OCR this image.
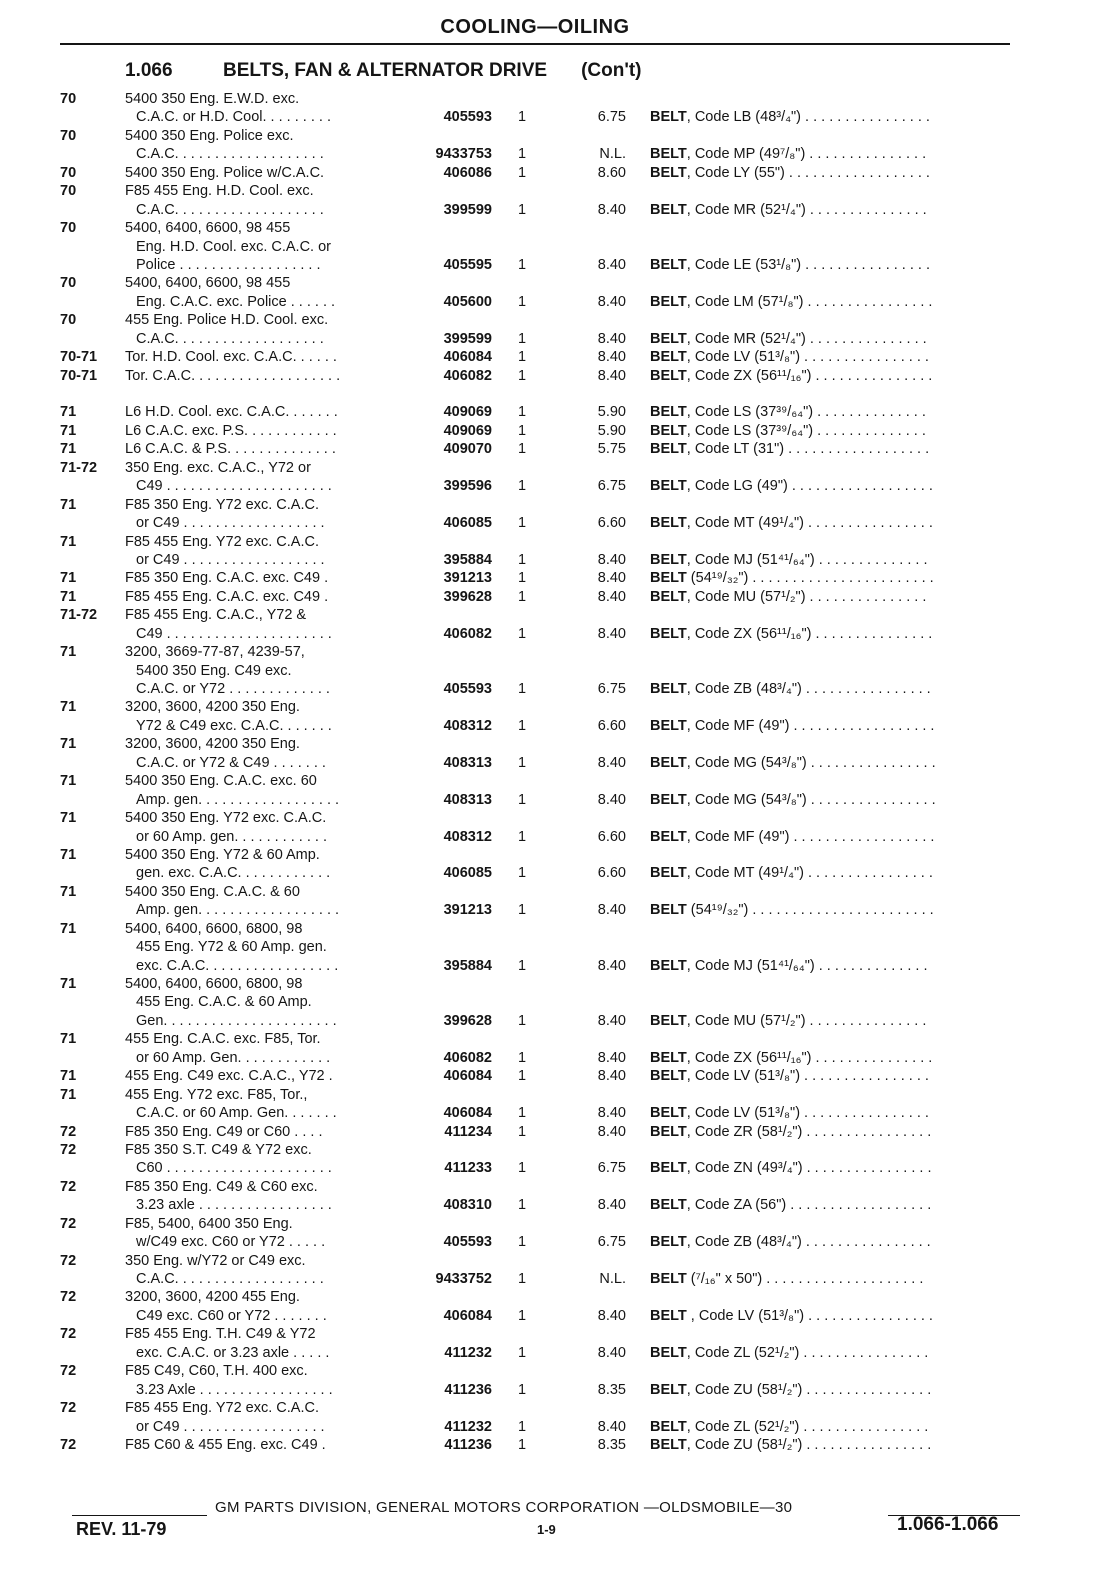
COOLING—OILING
1.066	BELTS, FAN & ALTERNATOR DRIVE (Con't)
70	5400 350 Eng. E.W.D. exc.
C.A.C. or H.D. Cool. . . . . . . . .	405593 1	6.75 BELT, Code LB (48³/₄") . . . . . . . . . . . . . . . .
70	5400 350 Eng. Police exc.
C.A.C. . . . . . . . . . . . . . . . . . .	9433753 1	N.L. BELT, Code MP (49⁷/₈") . . . . . . . . . . . . . . .
70	5400 350 Eng. Police w/C.A.C.	406086 1	8.60 BELT, Code LY (55") . . . . . . . . . . . . . . . . . .
70	F85 455 Eng. H.D. Cool. exc.
C.A.C. . . . . . . . . . . . . . . . . . .	399599 1	8.40 BELT, Code MR (52¹/₄") . . . . . . . . . . . . . . .
70	5400, 6400, 6600, 98 455
Eng. H.D. Cool. exc. C.A.C. or
Police . . . . . . . . . . . . . . . . . .	405595 1	8.40 BELT, Code LE (53¹/₈") . . . . . . . . . . . . . . . .
70	5400, 6400, 6600, 98 455
Eng. C.A.C. exc. Police . . . . . .	405600 1	8.40 BELT, Code LM (57¹/₈") . . . . . . . . . . . . . . . .
70	455 Eng. Police H.D. Cool. exc.
C.A.C. . . . . . . . . . . . . . . . . . .	399599 1	8.40 BELT, Code MR (52¹/₄") . . . . . . . . . . . . . . .
70-71	Tor. H.D. Cool. exc. C.A.C. . . . . .	406084 1	8.40 BELT, Code LV (51³/₈") . . . . . . . . . . . . . . . .
70-71	Tor. C.A.C. . . . . . . . . . . . . . . . . . .	406082 1	8.40 BELT, Code ZX (56¹¹/₁₆") . . . . . . . . . . . . . . .
71	L6 H.D. Cool. exc. C.A.C. . . . . . .	409069 1	5.90 BELT, Code LS (37³⁹/₆₄") . . . . . . . . . . . . . .
71	L6 C.A.C. exc. P.S. . . . . . . . . . . .	409069 1	5.90 BELT, Code LS (37³⁹/₆₄") . . . . . . . . . . . . . .
71	L6 C.A.C. & P.S. . . . . . . . . . . . . .	409070 1	5.75 BELT, Code LT (31") . . . . . . . . . . . . . . . . . .
71-72	350 Eng. exc. C.A.C., Y72 or
C49 . . . . . . . . . . . . . . . . . . . . .	399596 1	6.75 BELT, Code LG (49") . . . . . . . . . . . . . . . . . .
71	F85 350 Eng. Y72 exc. C.A.C.
or C49 . . . . . . . . . . . . . . . . . .	406085 1	6.60 BELT, Code MT (49¹/₄") . . . . . . . . . . . . . . . .
71	F85 455 Eng. Y72 exc. C.A.C.
or C49 . . . . . . . . . . . . . . . . . .	395884 1	8.40 BELT, Code MJ (51⁴¹/₆₄") . . . . . . . . . . . . . .
71	F85 350 Eng. C.A.C. exc. C49 .	391213 1	8.40 BELT (54¹⁹/₃₂") . . . . . . . . . . . . . . . . . . . . . . .
71	F85 455 Eng. C.A.C. exc. C49 .	399628 1	8.40 BELT, Code MU (57¹/₂") . . . . . . . . . . . . . . .
71-72	F85 455 Eng. C.A.C., Y72 &
C49 . . . . . . . . . . . . . . . . . . . . .	406082 1	8.40 BELT, Code ZX (56¹¹/₁₆") . . . . . . . . . . . . . . .
71	3200, 3669-77-87, 4239-57,
5400 350 Eng. C49 exc.
C.A.C. or Y72 . . . . . . . . . . . . .	405593 1	6.75 BELT, Code ZB (48³/₄") . . . . . . . . . . . . . . . .
71	3200, 3600, 4200 350 Eng.
Y72 & C49 exc. C.A.C. . . . . . .	408312 1	6.60 BELT, Code MF (49") . . . . . . . . . . . . . . . . . .
71	3200, 3600, 4200 350 Eng.
C.A.C. or Y72 & C49 . . . . . . .	408313 1	8.40 BELT, Code MG (54³/₈") . . . . . . . . . . . . . . . .
71	5400 350 Eng. C.A.C. exc. 60
Amp. gen. . . . . . . . . . . . . . . . . .	408313 1	8.40 BELT, Code MG (54³/₈") . . . . . . . . . . . . . . . .
71	5400 350 Eng. Y72 exc. C.A.C.
or 60 Amp. gen. . . . . . . . . . . .	408312 1	6.60 BELT, Code MF (49") . . . . . . . . . . . . . . . . . .
71	5400 350 Eng. Y72 & 60 Amp.
gen. exc. C.A.C. . . . . . . . . . . .	406085 1	6.60 BELT, Code MT (49¹/₄") . . . . . . . . . . . . . . . .
71	5400 350 Eng. C.A.C. & 60
Amp. gen. . . . . . . . . . . . . . . . . .	391213 1	8.40 BELT (54¹⁹/₃₂") . . . . . . . . . . . . . . . . . . . . . . .
71	5400, 6400, 6600, 6800, 98
455 Eng. Y72 & 60 Amp. gen.
exc. C.A.C. . . . . . . . . . . . . . . . .	395884 1	8.40 BELT, Code MJ (51⁴¹/₆₄") . . . . . . . . . . . . . .
71	5400, 6400, 6600, 6800, 98
455 Eng. C.A.C. & 60 Amp.
Gen. . . . . . . . . . . . . . . . . . . . . .	399628 1	8.40 BELT, Code MU (57¹/₂") . . . . . . . . . . . . . . .
71	455 Eng. C.A.C. exc. F85, Tor.
or 60 Amp. Gen. . . . . . . . . . . .	406082 1	8.40 BELT, Code ZX (56¹¹/₁₆") . . . . . . . . . . . . . . .
71	455 Eng. C49 exc. C.A.C., Y72 .	406084 1	8.40 BELT, Code LV (51³/₈") . . . . . . . . . . . . . . . .
71	455 Eng. Y72 exc. F85, Tor.,
C.A.C. or 60 Amp. Gen. . . . . . .	406084 1	8.40 BELT, Code LV (51³/₈") . . . . . . . . . . . . . . . .
72	F85 350 Eng. C49 or C60 . . . .	411234 1	8.40 BELT, Code ZR (58¹/₂") . . . . . . . . . . . . . . . .
72	F85 350 S.T. C49 & Y72 exc.
C60 . . . . . . . . . . . . . . . . . . . . .	411233 1	6.75 BELT, Code ZN (49³/₄") . . . . . . . . . . . . . . . .
72	F85 350 Eng. C49 & C60 exc.
3.23 axle . . . . . . . . . . . . . . . . .	408310 1	8.40 BELT, Code ZA (56") . . . . . . . . . . . . . . . . . .
72	F85, 5400, 6400 350 Eng.
w/C49 exc. C60 or Y72 . . . . .	405593 1	6.75 BELT, Code ZB (48³/₄") . . . . . . . . . . . . . . . .
72	350 Eng. w/Y72 or C49 exc.
C.A.C. . . . . . . . . . . . . . . . . . .	9433752 1	N.L. BELT (⁷/₁₆" x 50") . . . . . . . . . . . . . . . . . . . .
72	3200, 3600, 4200 455 Eng.
C49 exc. C60 or Y72 . . . . . . .	406084 1	8.40 BELT , Code LV (51³/₈") . . . . . . . . . . . . . . . .
72	F85 455 Eng. T.H. C49 & Y72
exc. C.A.C. or 3.23 axle . . . . .	411232 1	8.40 BELT, Code ZL (52¹/₂") . . . . . . . . . . . . . . . .
72	F85 C49, C60, T.H. 400 exc.
3.23 Axle . . . . . . . . . . . . . . . . .	411236 1	8.35 BELT, Code ZU (58¹/₂") . . . . . . . . . . . . . . . .
72	F85 455 Eng. Y72 exc. C.A.C.
or C49 . . . . . . . . . . . . . . . . . .	411232 1	8.40 BELT, Code ZL (52¹/₂") . . . . . . . . . . . . . . . .
72	F85 C60 & 455 Eng. exc. C49 .	411236 1	8.35 BELT, Code ZU (58¹/₂") . . . . . . . . . . . . . . . .
GM PARTS DIVISION, GENERAL MOTORS CORPORATION —OLDSMOBILE—30
REV. 11-79	1-9	1.066-1.066
